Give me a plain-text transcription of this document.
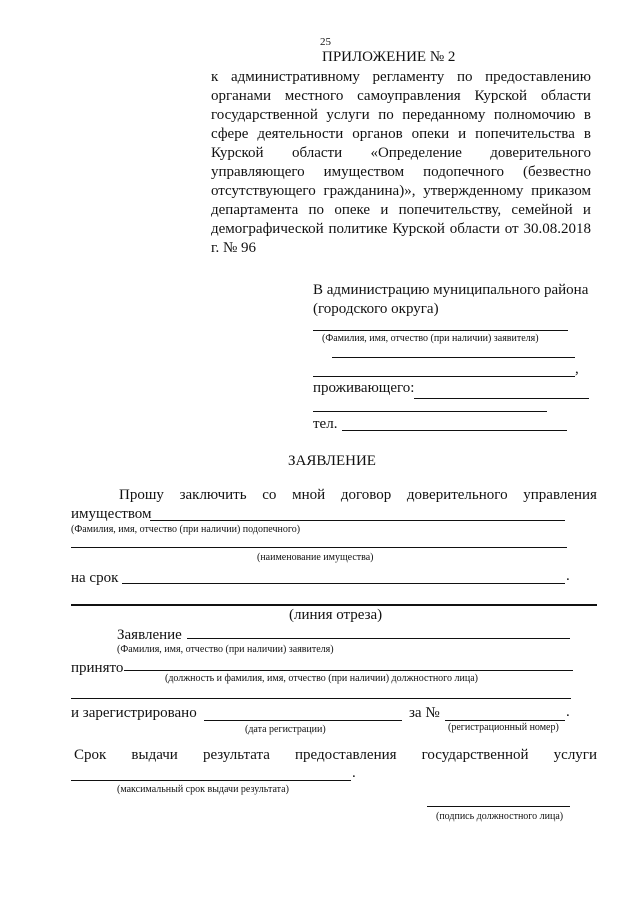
25
ПРИЛОЖЕНИЕ № 2
к административному регламенту по предоставлению
органами местного самоуправления Курской области
государственной услуги по переданному полномочию в
сфере деятельности органов опеки и попечительства в
Курской области «Определение доверительного
управляющего имуществом подопечного (безвестно
отсутствующего гражданина)», утвержденному приказом
департамента по опеке и попечительству, семейной и
демографической политике Курской области от 30.08.2018
г. № 96
В администрацию муниципального района
(городского округа)
(Фамилия, имя, отчество (при наличии) заявителя)
,
проживающего:
тел.
ЗАЯВЛЕНИЕ
Прошу заключить со мной договор доверительного управления
имуществом
(Фамилия, имя, отчество (при наличии) подопечного)
(наименование имущества)
на срок	.
(линия отреза)
Заявление
(Фамилия, имя, отчество (при наличии) заявителя)
принято
(должность и фамилия, имя, отчество (при наличии) должностного лица)
и зарегистрировано	за №	.
(дата регистрации)	(регистрационный номер)
Срок выдачи результата предоставления государственной услуги
.
(максимальный срок выдачи результата)
(подпись должностного лица)
